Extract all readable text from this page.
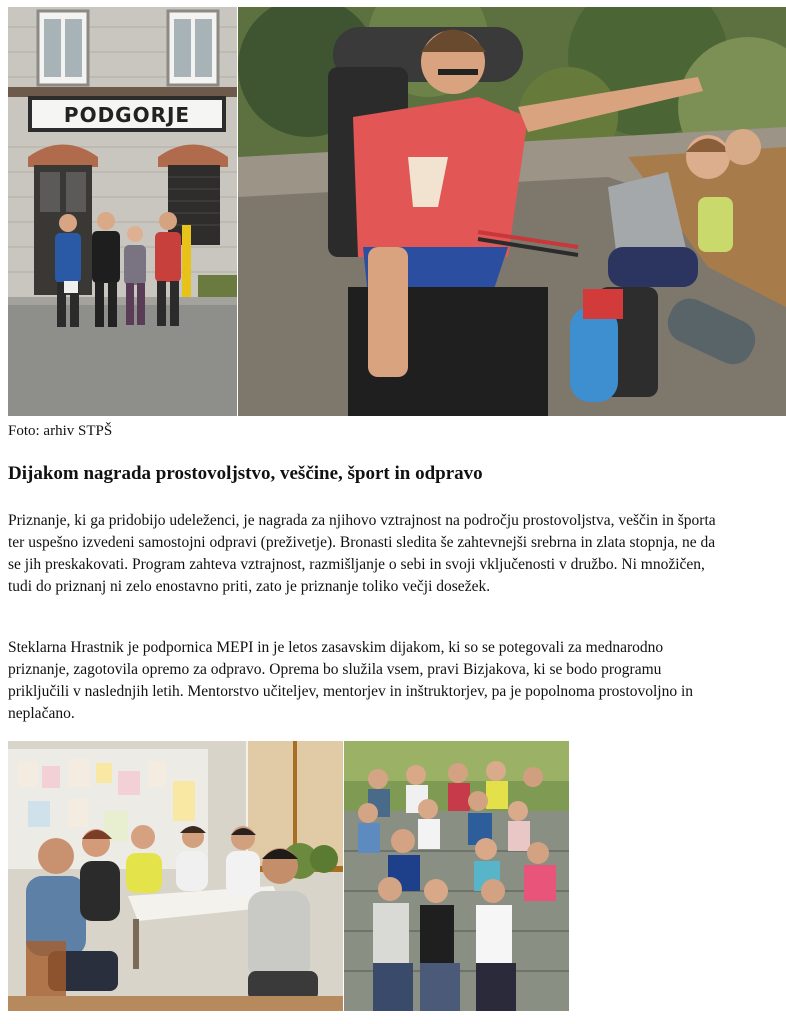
PODGORJE
Foto: arhiv STPŠ
Dijakom nagrada prostovoljstvo, veščine, šport in odpravo

Priznanje, ki ga pridobijo udeleženci, je nagrada za njihovo vztrajnost na področju prostovoljstva, veščin in športa ter uspešno izvedeni samostojni odpravi (preživetje). Bronasti sledita še zahtevnejši srebrna in zlata stopnja, ne da se jih preskakovati. Program zahteva vztrajnost, razmišljanje o sebi in svoji vključenosti v družbo. Ni množičen, tudi do priznanj ni zelo enostavno priti, zato je priznanje toliko večji dosežek.

Steklarna Hrastnik je podpornica MEPI in je letos zasavskim dijakom, ki so se potegovali za mednarodno priznanje, zagotovila opremo za odpravo. Oprema bo služila vsem, pravi Bizjakova, ki se bodo programu priključili v naslednjih letih. Mentorstvo učiteljev, mentorjev in inštruktorjev, pa je popolnoma prostovoljno in neplačano.
